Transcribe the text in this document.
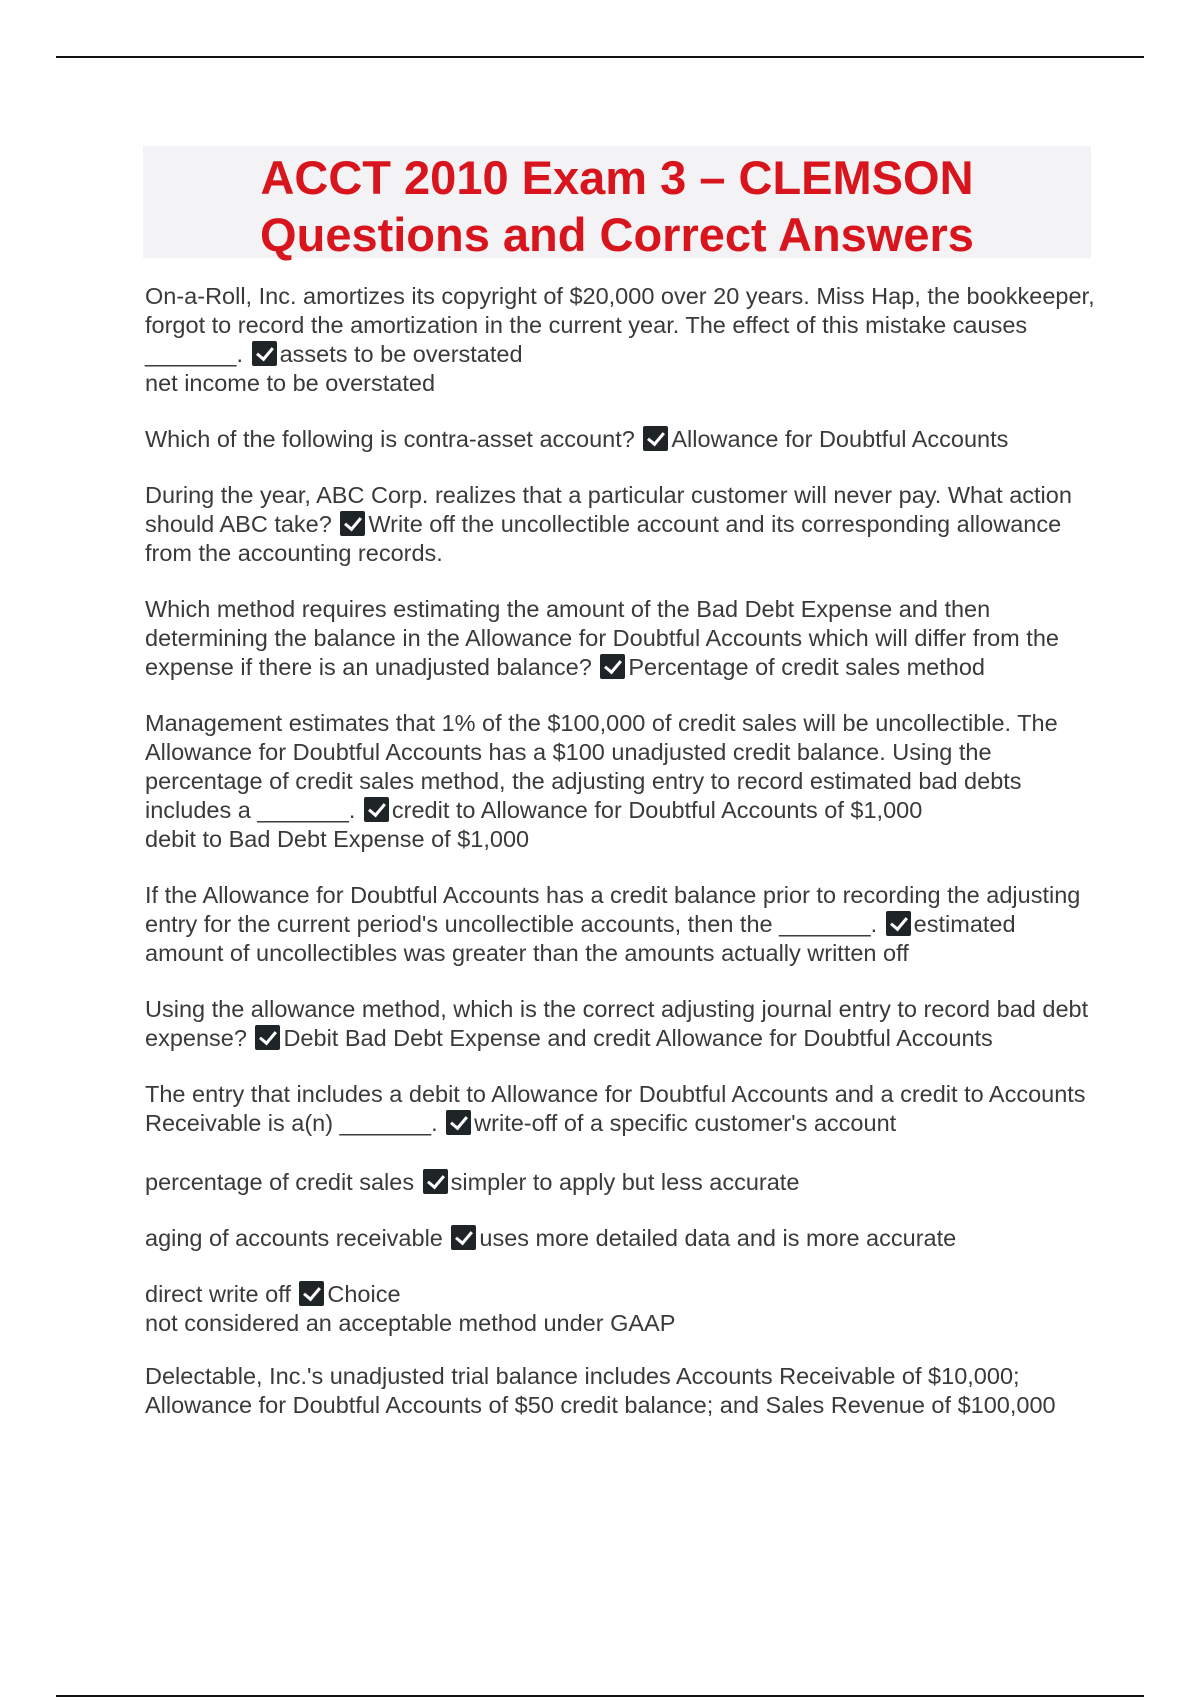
ACCT 2010 Exam 3 – CLEMSON
Questions and Correct Answers

On-a-Roll, Inc. amortizes its copyright of $20,000 over 20 years. Miss Hap, the bookkeeper, forgot to record the amortization in the current year. The effect of this mistake causes _______. assets to be overstated
net income to be overstated

Which of the following is contra-asset account? Allowance for Doubtful Accounts

During the year, ABC Corp. realizes that a particular customer will never pay. What action should ABC take? Write off the uncollectible account and its corresponding allowance from the accounting records.

Which method requires estimating the amount of the Bad Debt Expense and then determining the balance in the Allowance for Doubtful Accounts which will differ from the expense if there is an unadjusted balance? Percentage of credit sales method

Management estimates that 1% of the $100,000 of credit sales will be uncollectible. The Allowance for Doubtful Accounts has a $100 unadjusted credit balance. Using the percentage of credit sales method, the adjusting entry to record estimated bad debts includes a _______. credit to Allowance for Doubtful Accounts of $1,000
debit to Bad Debt Expense of $1,000

If the Allowance for Doubtful Accounts has a credit balance prior to recording the adjusting entry for the current period's uncollectible accounts, then the _______. estimated amount of uncollectibles was greater than the amounts actually written off

Using the allowance method, which is the correct adjusting journal entry to record bad debt expense? Debit Bad Debt Expense and credit Allowance for Doubtful Accounts

The entry that includes a debit to Allowance for Doubtful Accounts and a credit to Accounts Receivable is a(n) _______. write-off of a specific customer's account

percentage of credit sales simpler to apply but less accurate

aging of accounts receivable uses more detailed data and is more accurate

direct write off Choice
not considered an acceptable method under GAAP

Delectable, Inc.'s unadjusted trial balance includes Accounts Receivable of $10,000; Allowance for Doubtful Accounts of $50 credit balance; and Sales Revenue of $100,000
